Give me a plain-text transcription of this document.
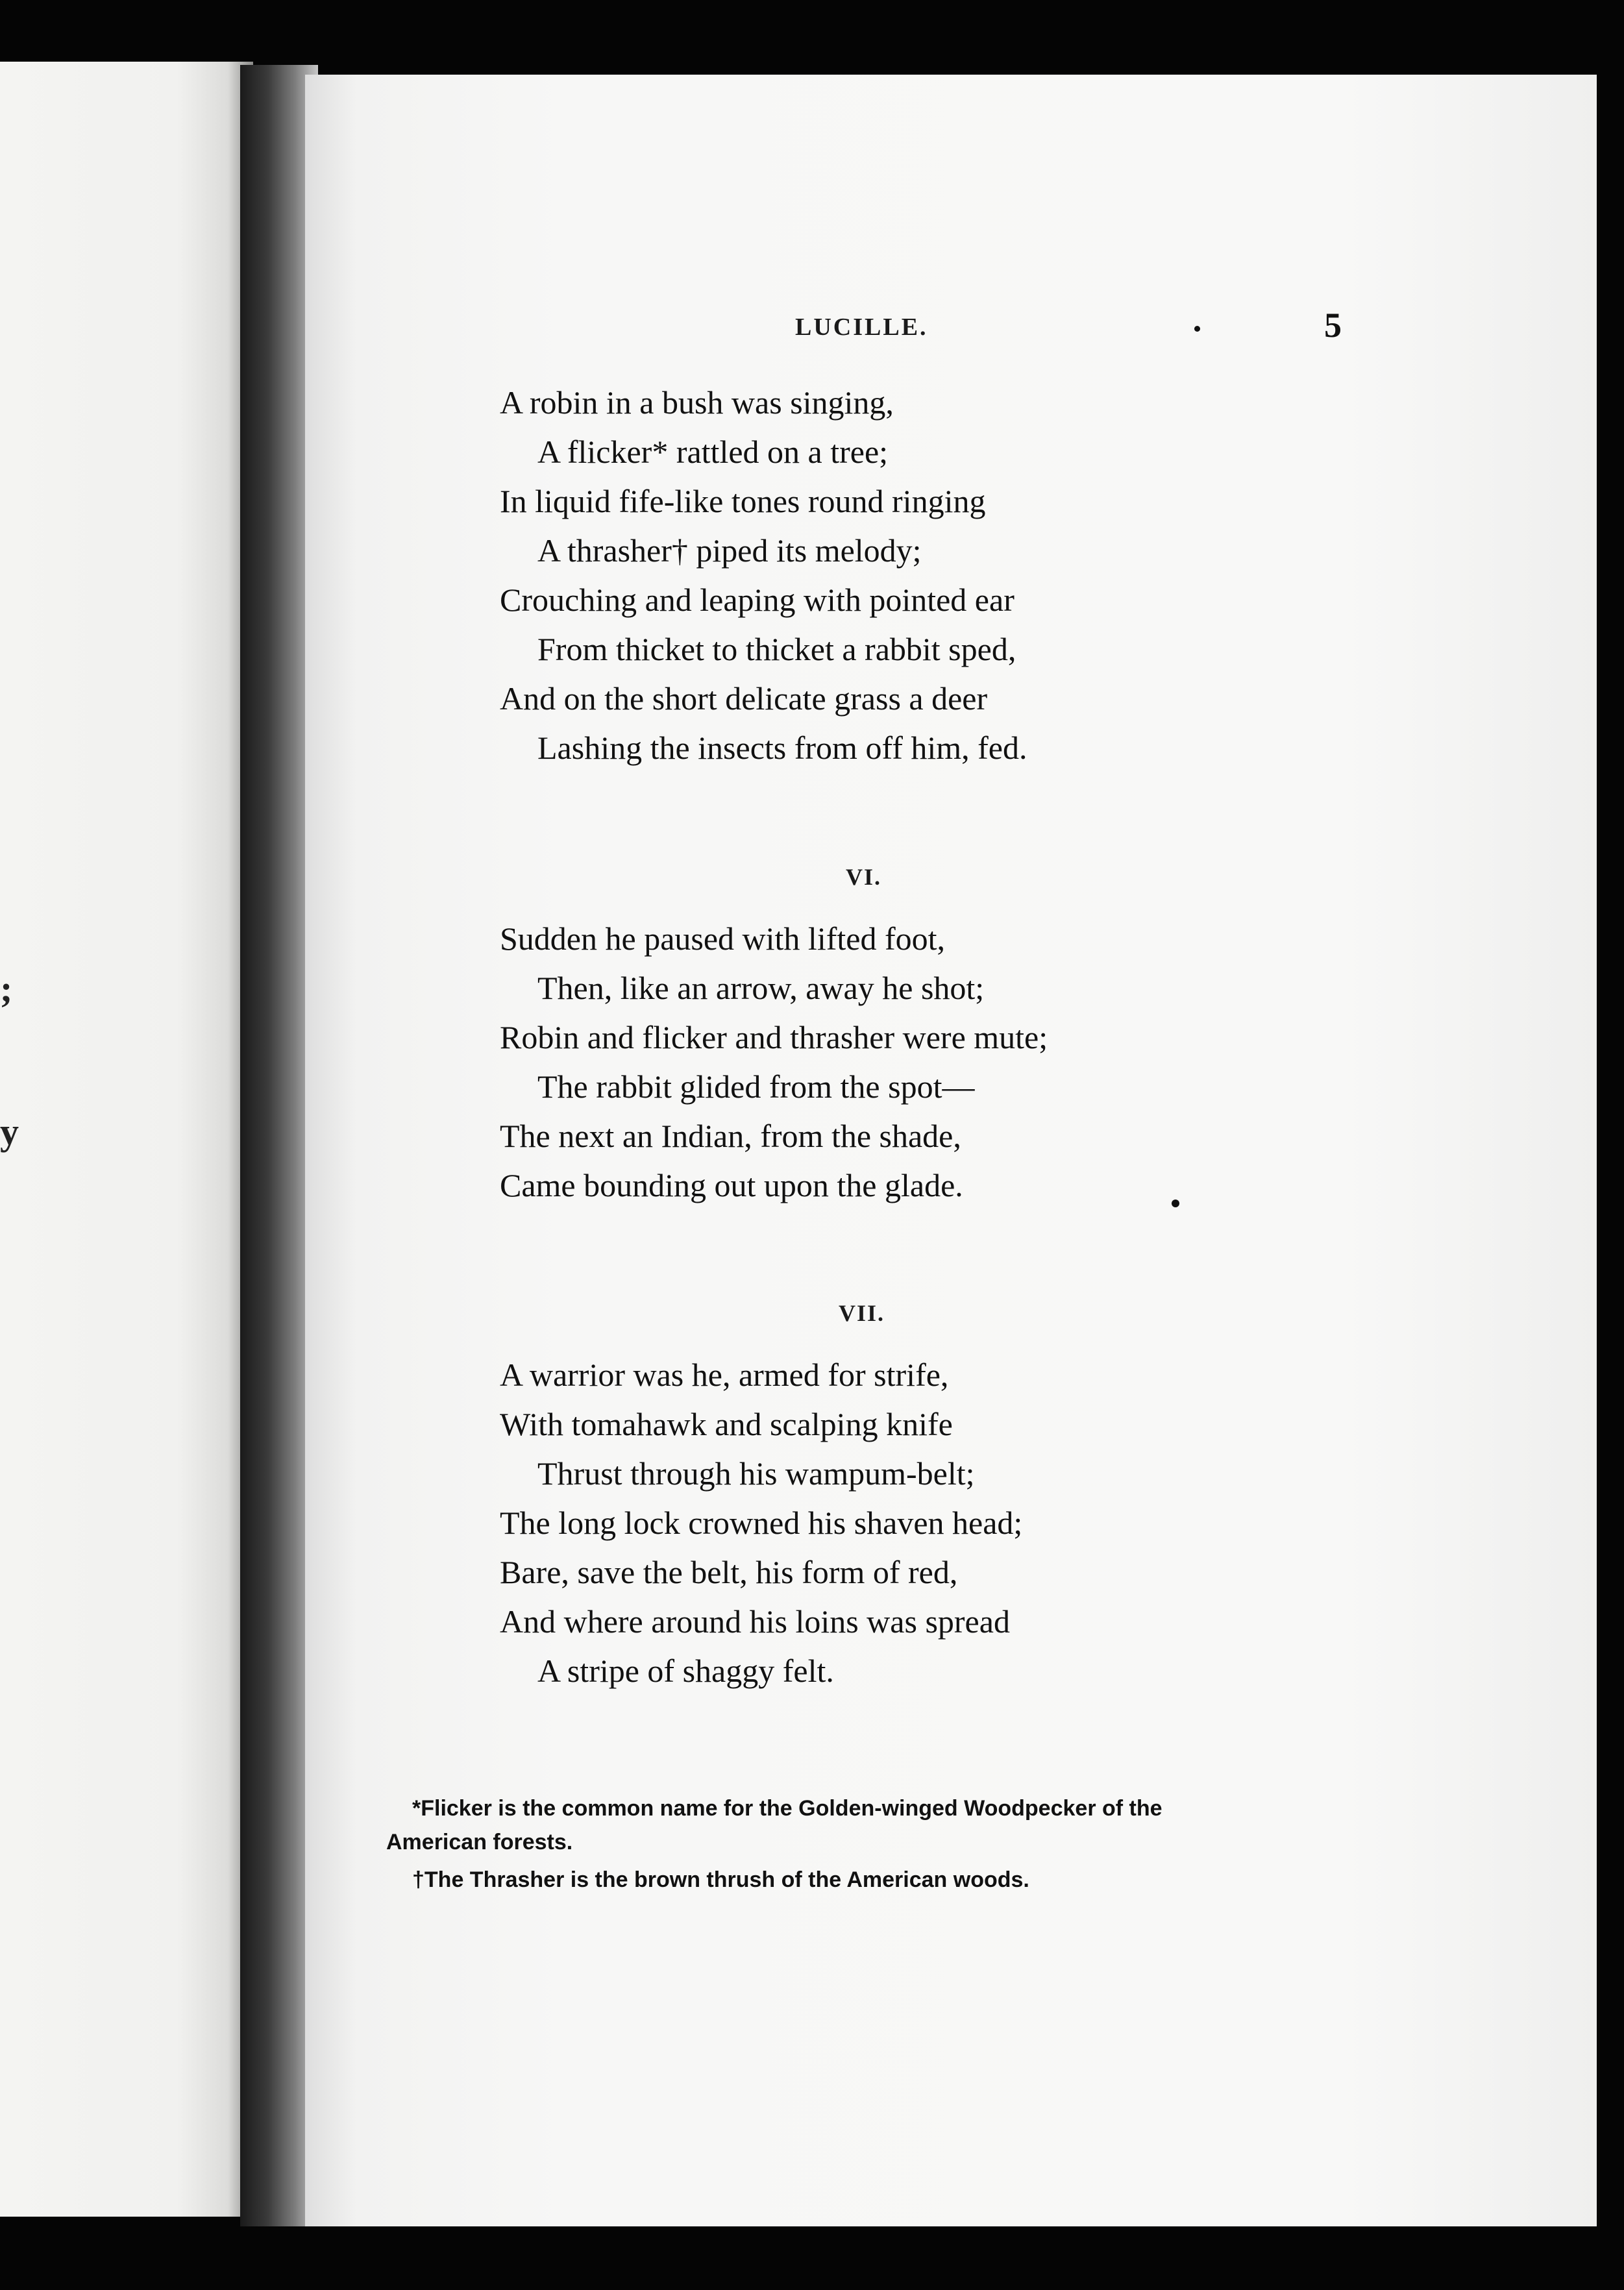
;
y
LUCILLE.	5
A robin in a bush was singing,
A flicker* rattled on a tree;
In liquid fife-like tones round ringing
A thrasher† piped its melody;
Crouching and leaping with pointed ear
From thicket to thicket a rabbit sped,
And on the short delicate grass a deer
Lashing the insects from off him, fed.
VI.
Sudden he paused with lifted foot,
Then, like an arrow, away he shot;
Robin and flicker and thrasher were mute;
The rabbit glided from the spot—
The next an Indian, from the shade,
Came bounding out upon the glade.
VII.
A warrior was he, armed for strife,
With tomahawk and scalping knife
Thrust through his wampum-belt;
The long lock crowned his shaven head;
Bare, save the belt, his form of red,
And where around his loins was spread
A stripe of shaggy felt.

*Flicker is the common name for the Golden-winged Woodpecker of the
American forests.

†The Thrasher is the brown thrush of the American woods.
